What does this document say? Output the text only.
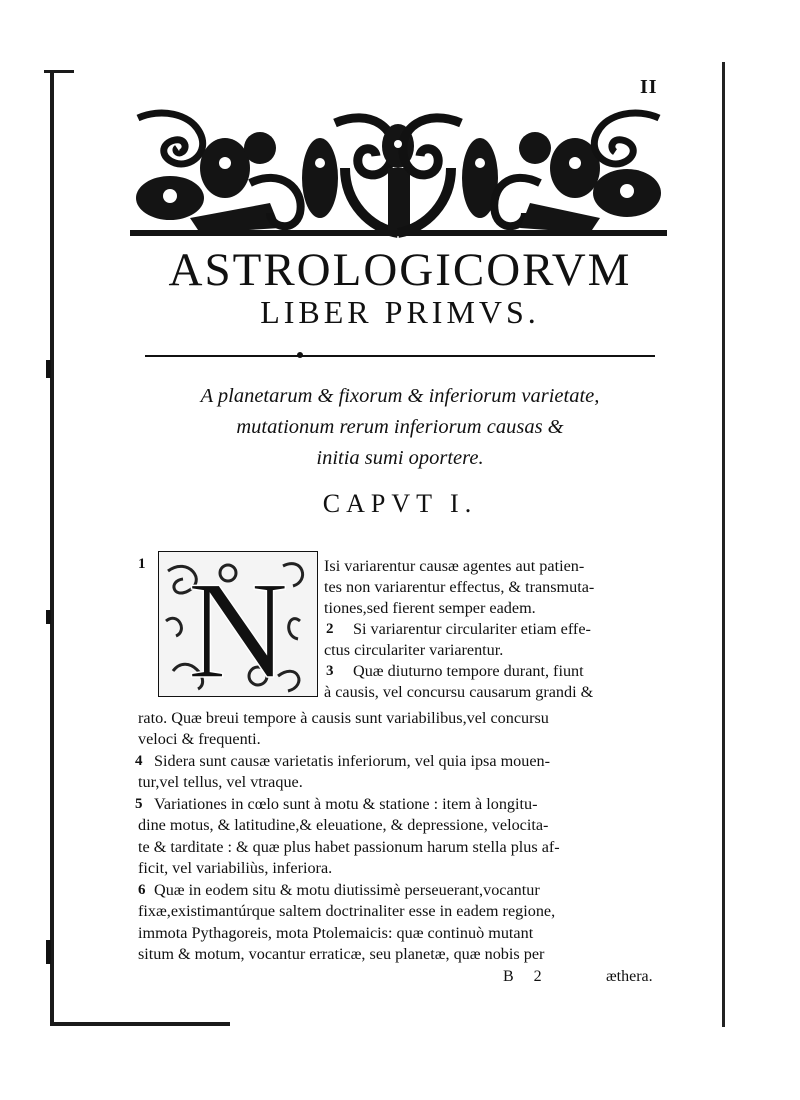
II
ASTROLOGICORVM
LIBER PRIMVS.
A planetarum & fixorum & inferiorum varietate,
mutationum rerum inferiorum causas &
initia sumi oportere.
CAPVT I.
N
1
2
3
4
5
6
Isi variarentur causæ agentes aut patien-
tes non variarentur effectus, & transmuta-
tiones,sed fierent semper eadem.
Si variarentur circulariter etiam effe-
ctus circulariter variarentur.
Quæ diuturno tempore durant, fiunt
à causis, vel concursu causarum grandi &
rato. Quæ breui tempore à causis sunt variabilibus,vel concursu
veloci & frequenti.
Sidera sunt causæ varietatis inferiorum, vel quia ipsa mouen-
tur,vel tellus, vel vtraque.
Variationes in cœlo sunt à motu & statione : item à longitu-
dine motus, & latitudine,& eleuatione, & depressione, velocita-
te & tarditate : & quæ plus habet passionum harum stella plus af-
ficit, vel variabiliùs, inferiora.
Quæ in eodem situ & motu diutissimè perseuerant,vocantur
fixæ,existimantúrque saltem doctrinaliter esse in eadem regione,
immota Pythagoreis, mota Ptolemaicis: quæ continuò mutant
situm & motum, vocantur erraticæ, seu planetæ, quæ nobis per
B 2	æthera.
